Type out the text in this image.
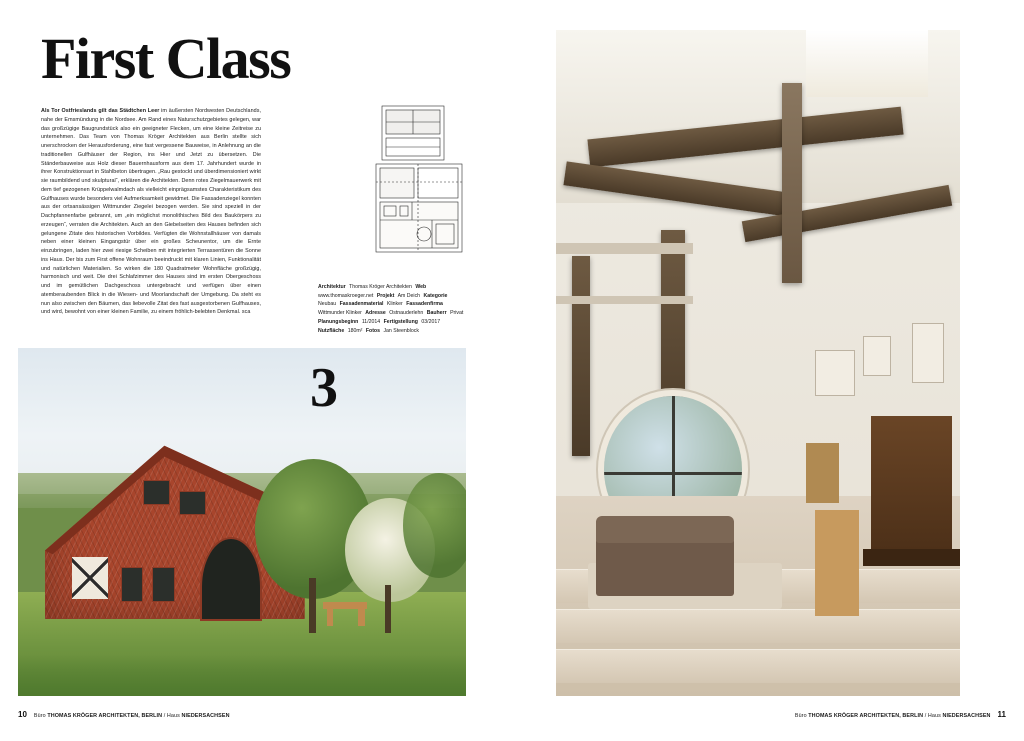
First Class

Als Tor Ostfrieslands gilt das Städtchen Leer im äußersten Nordwesten Deutschlands, nahe der Emsmündung in die Nordsee. Am Rand eines Naturschutzgebietes gelegen, war das großzügige Baugrundstück also ein geeigneter Flecken, um eine kleine Zeitreise zu unternehmen. Das Team von Thomas Kröger Architekten aus Berlin stellte sich unerschrocken der Herausforderung, eine fast vergessene Bauweise, in Anlehnung an die traditionellen Gulfhäuser der Region, ins Hier und Jetzt zu übersetzen. Die Ständerbauweise aus Holz dieser Bauernhausform aus dem 17. Jahrhundert wurde in ihrer Konstruktionsart in Stahlbeton übertragen. „Rau gestockt und überdimensioniert wirkt sie raumbildend und skulptural“, erklären die Architekten. Denn rotes Ziegelmauerwerk mit dem tief gezogenen Krüppelwalmdach als vielleicht einprägsamstes Charakteristikum des Gulfhauses wurde besonders viel Aufmerksamkeit gewidmet. Die Fassadenziegel konnten aus der ortsansässigen Wittmunder Ziegelei bezogen werden. Sie sind speziell in der Dachpfannenfarbe gebrannt, um „ein möglichst monolithisches Bild des Baukörpers zu erzeugen“, verraten die Architekten. Auch an den Giebelseiten des Hauses befinden sich gelungene Zitate des historischen Vorbildes. Verfügten die Wohnstallhäuser von damals neben einer kleinen Eingangstür über ein großes Scheunentor, um die Ernte einzubringen, laden hier zwei riesige Scheiben mit integrierten Terrassentüren die Sonne ins Haus. Der bis zum First offene Wohnraum beeindruckt mit klaren Linien, Funktionalität und natürlichen Materialien. So wirken die 180 Quadratmeter Wohnfläche großzügig, harmonisch und weit. Die drei Schlafzimmer des Hauses sind im ersten Obergeschoss und im gemütlichen Dachgeschoss untergebracht und verfügen über einen atemberaubenden Blick in die Wiesen- und Moorlandschaft der Umgebung. Da steht es nun also zwischen den Bäumen, das liebevolle Zitat des fast ausgestorbenen Gulfhauses, und wird, bewohnt von einer kleinen Familie, zu einem fröhlich-belebten Denkmal. sca

Architektur Thomas Kröger Architekten Web www.thomaskroeger.net Projekt Am Deich Kategorie Neubau Fassadenmaterial Klinker Fassadenfirma Wittmunder Klinker Adresse Ostnauderlehn Bauherr Privat Planungsbeginn 11/2014 Fertigstellung 03/2017 Nutzfläche 180m² Fotos Jan Steenblock
3
10 Büro THOMAS KRÖGER ARCHITEKTEN, BERLIN / Haus NIEDERSACHSEN	Büro THOMAS KRÖGER ARCHITEKTEN, BERLIN / Haus NIEDERSACHSEN 11
